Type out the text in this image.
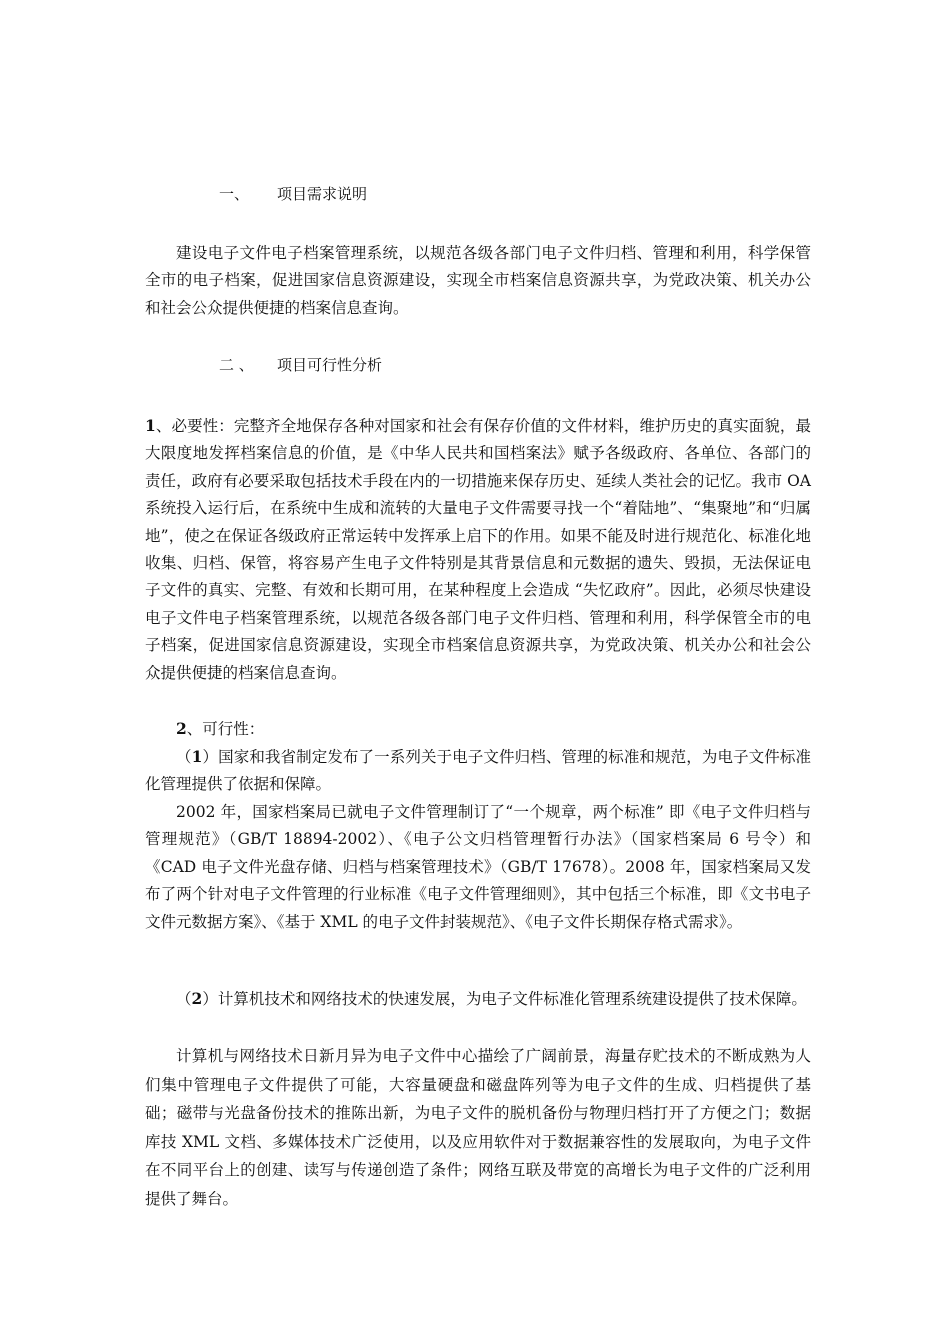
一、 项目需求说明

建设电子文件电子档案管理系统，以规范各级各部门电子文件归档、管理和利用，科学保管全市的电子档案，促进国家信息资源建设，实现全市档案信息资源共享，为党政决策、机关办公和社会公众提供便捷的档案信息查询。

二 、 项目可行性分析

1、必要性：完整齐全地保存各种对国家和社会有保存价值的文件材料，维护历史的真实面貌，最大限度地发挥档案信息的价值，是《中华人民共和国档案法》赋予各级政府、各单位、各部门的责任，政府有必要采取包括技术手段在内的一切措施来保存历史、延续人类社会的记忆。我市 OA 系统投入运行后，在系统中生成和流转的大量电子文件需要寻找一个“着陆地”、“集聚地”和“归属地”，使之在保证各级政府正常运转中发挥承上启下的作用。如果不能及时进行规范化、标准化地收集、归档、保管，将容易产生电子文件特别是其背景信息和元数据的遗失、毁损，无法保证电子文件的真实、完整、有效和长期可用，在某种程度上会造成 “失忆政府”。因此，必须尽快建设电子文件电子档案管理系统，以规范各级各部门电子文件归档、管理和利用，科学保管全市的电子档案，促进国家信息资源建设，实现全市档案信息资源共享，为党政决策、机关办公和社会公众提供便捷的档案信息查询。

2、可行性：

（1）国家和我省制定发布了一系列关于电子文件归档、管理的标准和规范，为电子文件标准化管理提供了依据和保障。

2002 年，国家档案局已就电子文件管理制订了“一个规章，两个标准” 即《电子文件归档与管理规范》（GB/T 18894-2002）、《电子公文归档管理暂行办法》（国家档案局 6 号令）和《CAD 电子文件光盘存储、归档与档案管理技术》（GB/T 17678）。2008 年，国家档案局又发布了两个针对电子文件管理的行业标准《电子文件管理细则》，其中包括三个标准，即《文书电子文件元数据方案》、《基于 XML 的电子文件封装规范》、《电子文件长期保存格式需求》。

（2）计算机技术和网络技术的快速发展，为电子文件标准化管理系统建设提供了技术保障。

计算机与网络技术日新月异为电子文件中心描绘了广阔前景，海量存贮技术的不断成熟为人们集中管理电子文件提供了可能，大容量硬盘和磁盘阵列等为电子文件的生成、归档提供了基础；磁带与光盘备份技术的推陈出新，为电子文件的脱机备份与物理归档打开了方便之门；数据库技 XML 文档、多媒体技术广泛使用，以及应用软件对于数据兼容性的发展取向，为电子文件在不同平台上的创建、读写与传递创造了条件；网络互联及带宽的高增长为电子文件的广泛利用提供了舞台。
